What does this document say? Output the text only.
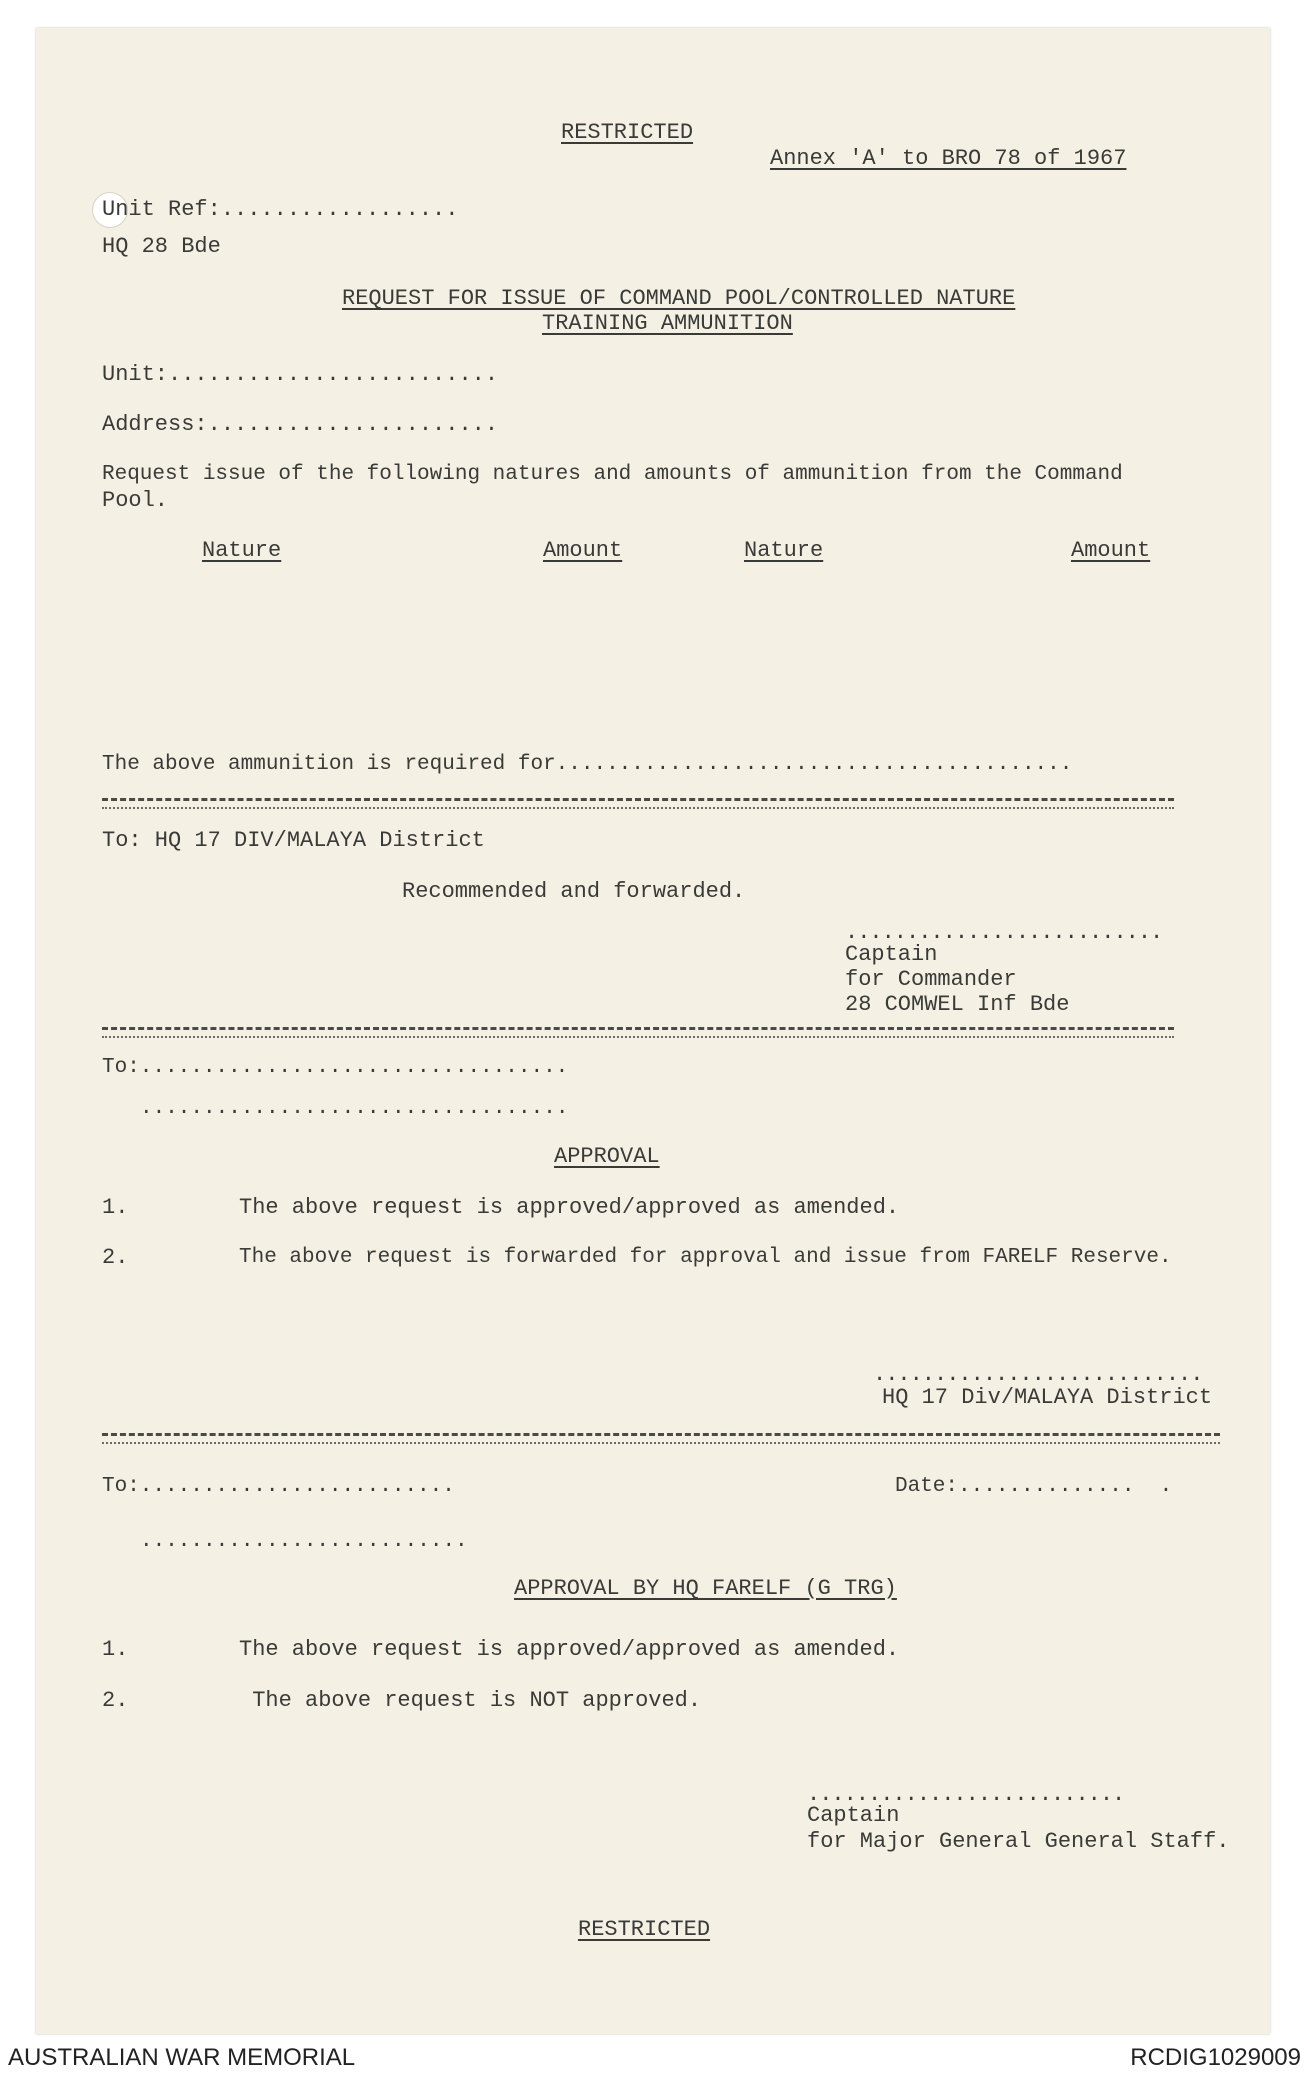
RESTRICTED
Annex 'A' to BRO 78 of 1967
Unit Ref:..................
HQ 28 Bde
REQUEST FOR ISSUE OF COMMAND POOL/CONTROLLED NATURE
TRAINING AMMUNITION
Unit:.........................
Address:......................
Request issue of the following natures and amounts of ammunition from the Command
Pool.
Nature	Amount	Nature	Amount
The above ammunition is required for.........................................
To: HQ 17 DIV/MALAYA District
Recommended and forwarded.
..........................
Captain
for Commander
28 COMWEL Inf Bde
To:..................................
..................................
APPROVAL
1.	The above request is approved/approved as amended.
2.	The above request is forwarded for approval and issue from FARELF Reserve.
...........................
HQ 17 Div/MALAYA District
To:.........................	Date:..............  .
..........................
APPROVAL BY HQ FARELF (G TRG)
1.	The above request is approved/approved as amended.
2.	The above request is NOT approved.
..........................
Captain
for Major General General Staff.
RESTRICTED
AUSTRALIAN WAR MEMORIAL	RCDIG1029009
